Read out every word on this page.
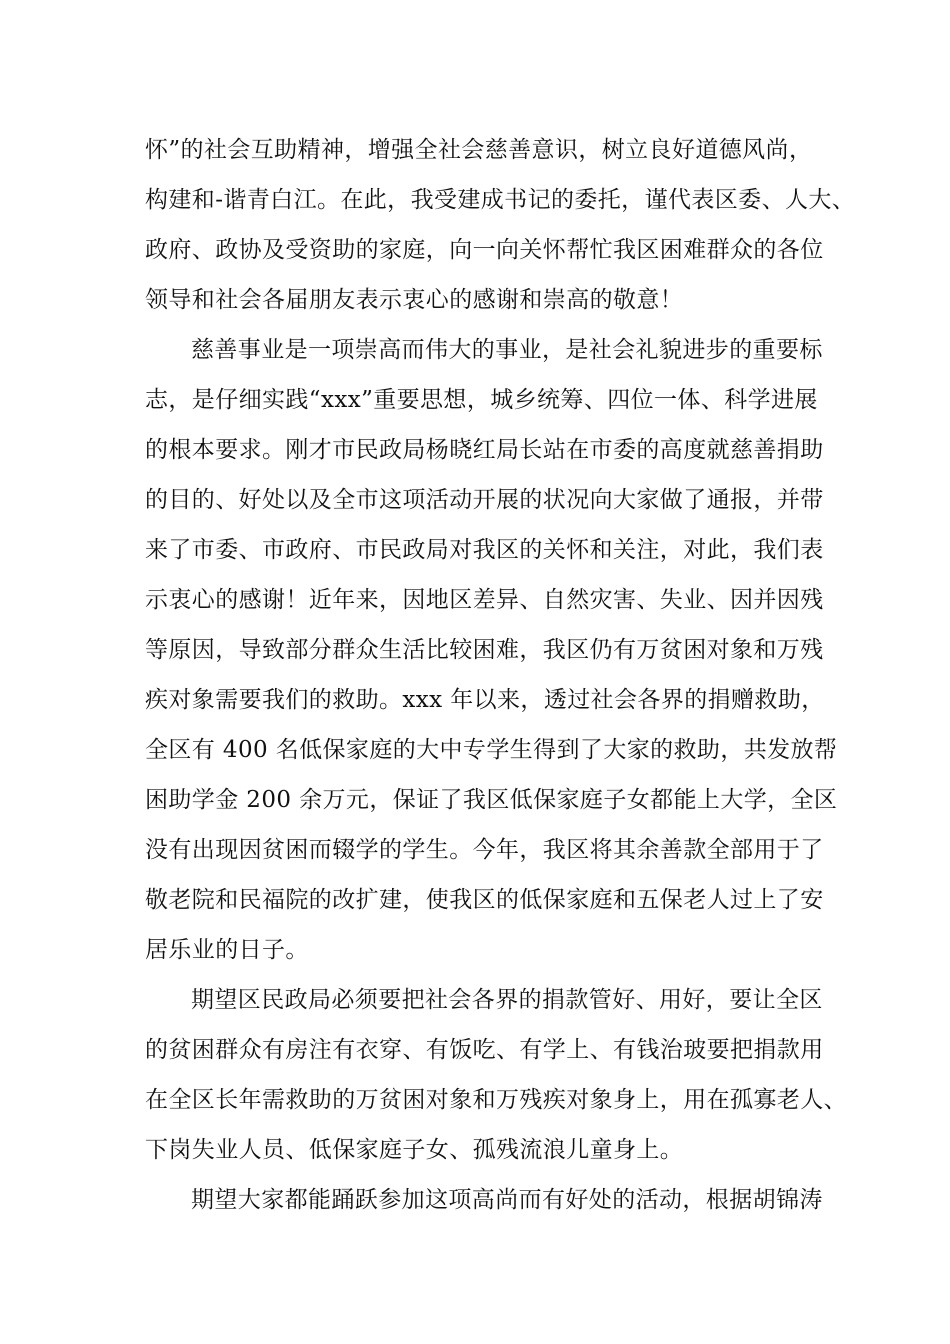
怀”的社会互助精神，增强全社会慈善意识，树立良好道德风尚，
构建和-谐青白江。在此，我受建成书记的委托，谨代表区委、人大、
政府、政协及受资助的家庭，向一向关怀帮忙我区困难群众的各位
领导和社会各届朋友表示衷心的感谢和崇高的敬意！
慈善事业是一项崇高而伟大的事业，是社会礼貌进步的重要标
志，是仔细实践“xxx”重要思想，城乡统筹、四位一体、科学进展
的根本要求。刚才市民政局杨晓红局长站在市委的高度就慈善捐助
的目的、好处以及全市这项活动开展的状况向大家做了通报，并带
来了市委、市政府、市民政局对我区的关怀和关注，对此，我们表
示衷心的感谢！近年来，因地区差异、自然灾害、失业、因并因残
等原因，导致部分群众生活比较困难，我区仍有万贫困对象和万残
疾对象需要我们的救助。xxx 年以来，透过社会各界的捐赠救助，
全区有 400 名低保家庭的大中专学生得到了大家的救助，共发放帮
困助学金 200 余万元，保证了我区低保家庭子女都能上大学，全区
没有出现因贫困而辍学的学生。今年，我区将其余善款全部用于了
敬老院和民福院的改扩建，使我区的低保家庭和五保老人过上了安
居乐业的日子。
期望区民政局必须要把社会各界的捐款管好、用好，要让全区
的贫困群众有房注有衣穿、有饭吃、有学上、有钱治玻要把捐款用
在全区长年需救助的万贫困对象和万残疾对象身上，用在孤寡老人、
下岗失业人员、低保家庭子女、孤残流浪儿童身上。
期望大家都能踊跃参加这项高尚而有好处的活动，根据胡锦涛
